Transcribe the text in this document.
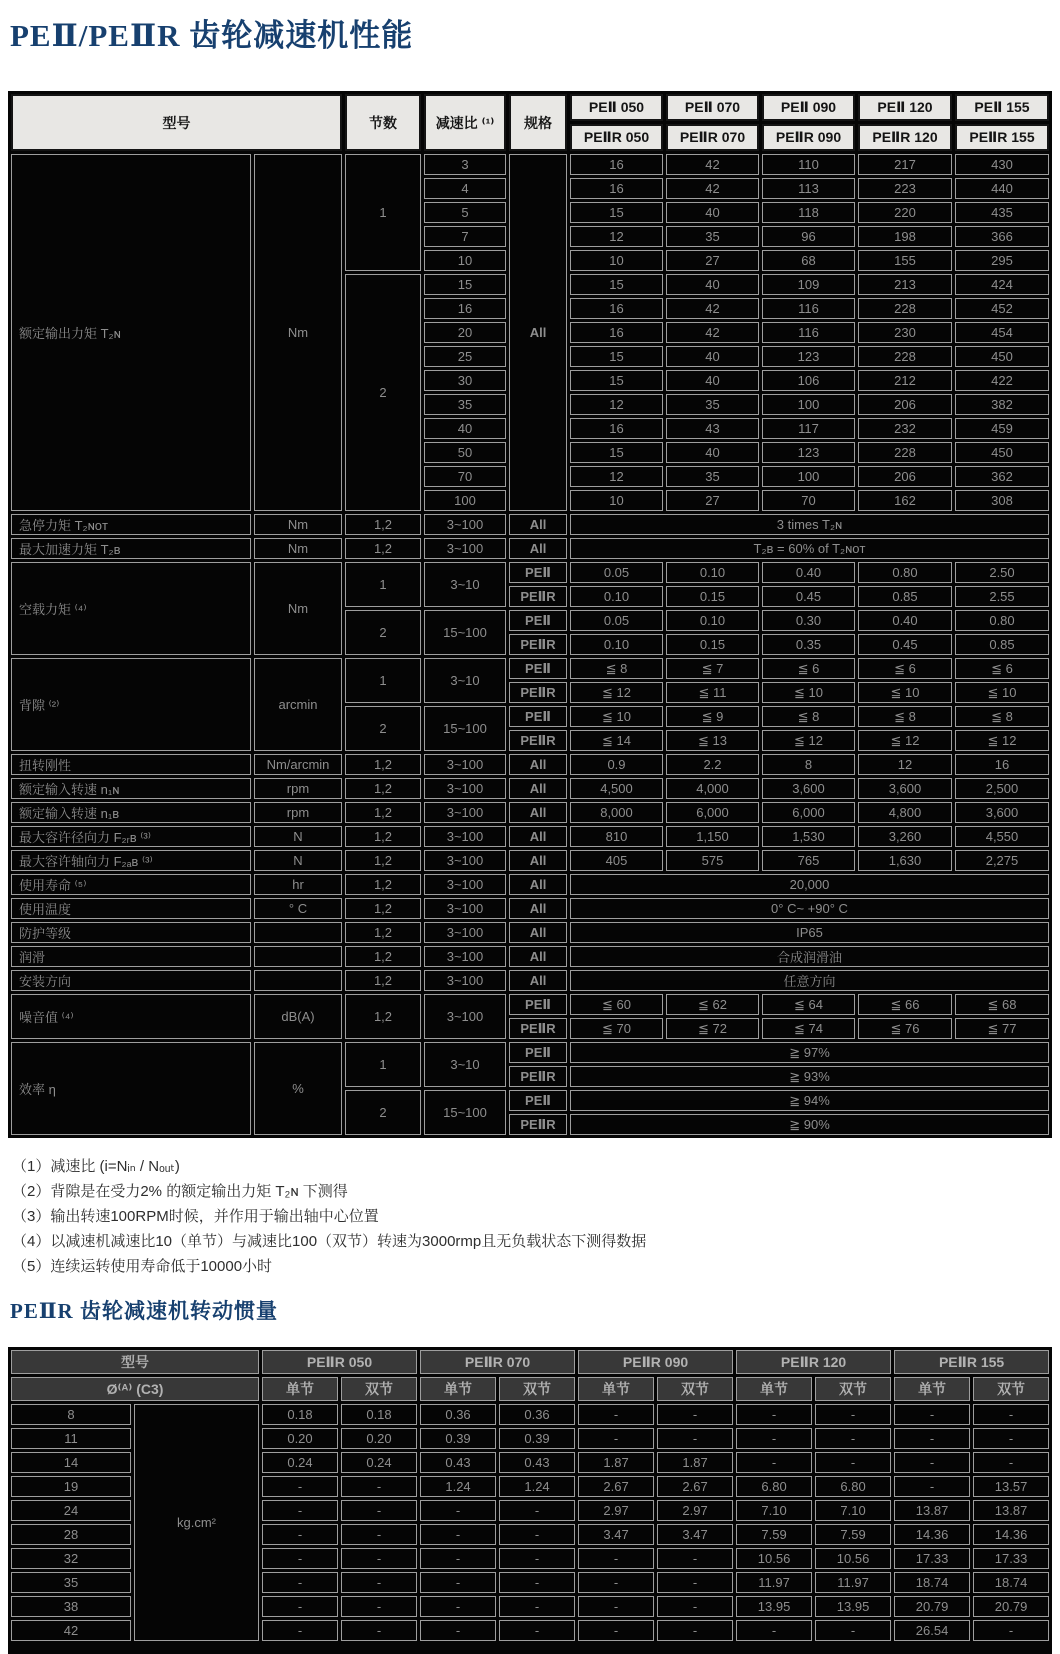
PEⅡ/PEⅡR 齿轮减速机性能
型号		节数	减速比 ⁽¹⁾	规格	PEⅡ 050	PEⅡ 070	PEⅡ 090	PEⅡ 120	PEⅡ 155
					PEⅡR 050	PEⅡR 070	PEⅡR 090	PEⅡR 120	PEⅡR 155
额定输出力矩 T₂ɴ	Nm	1	3	All	16	42	110	217	430
			4		16	42	113	223	440
			5		15	40	118	220	435
			7		12	35	96	198	366
			10		10	27	68	155	295
		2	15		15	40	109	213	424
			16		16	42	116	228	452
			20		16	42	116	230	454
			25		15	40	123	228	450
			30		15	40	106	212	422
			35		12	35	100	206	382
			40		16	43	117	232	459
			50		15	40	123	228	450
			70		12	35	100	206	362
			100		10	27	70	162	308
急停力矩 T₂ɴᴏᴛ	Nm	1,2	3~100	All	3 times T₂ɴ				
最大加速力矩 T₂ʙ	Nm	1,2	3~100	All	T₂ʙ = 60% of T₂ɴᴏᴛ				
空载力矩 ⁽⁴⁾	Nm	1	3~10	PEⅡ	0.05	0.10	0.40	0.80	2.50
				PEⅡR	0.10	0.15	0.45	0.85	2.55
		2	15~100	PEⅡ	0.05	0.10	0.30	0.40	0.80
				PEⅡR	0.10	0.15	0.35	0.45	0.85
背隙 ⁽²⁾	arcmin	1	3~10	PEⅡ	≦ 8	≦ 7	≦ 6	≦ 6	≦ 6
				PEⅡR	≦ 12	≦ 11	≦ 10	≦ 10	≦ 10
		2	15~100	PEⅡ	≦ 10	≦ 9	≦ 8	≦ 8	≦ 8
				PEⅡR	≦ 14	≦ 13	≦ 12	≦ 12	≦ 12
扭转刚性	Nm/arcmin	1,2	3~100	All	0.9	2.2	8	12	16
额定输入转速 n₁ɴ	rpm	1,2	3~100	All	4,500	4,000	3,600	3,600	2,500
额定输入转速 n₁ʙ	rpm	1,2	3~100	All	8,000	6,000	6,000	4,800	3,600
最大容许径向力 F₂ᵣʙ ⁽³⁾	N	1,2	3~100	All	810	1,150	1,530	3,260	4,550
最大容许轴向力 F₂ₐʙ ⁽³⁾	N	1,2	3~100	All	405	575	765	1,630	2,275
使用寿命 ⁽⁵⁾	hr	1,2	3~100	All	20,000				
使用温度	° C	1,2	3~100	All	0° C~ +90° C				
防护等级		1,2	3~100	All	IP65				
润滑		1,2	3~100	All	合成润滑油				
安装方向		1,2	3~100	All	任意方向				
噪音值 ⁽⁴⁾	dB(A)	1,2	3~100	PEⅡ	≦ 60	≦ 62	≦ 64	≦ 66	≦ 68
				PEⅡR	≦ 70	≦ 72	≦ 74	≦ 76	≦ 77
效率 η	%	1	3~10	PEⅡ	≧ 97%				
				PEⅡR	≧ 93%				
		2	15~100	PEⅡ	≧ 94%				
				PEⅡR	≧ 90%				
（1）减速比 (i=Nᵢₙ / Nₒᵤₜ)
（2）背隙是在受力2% 的额定输出力矩 T₂ɴ 下测得
（3）输出转速100RPM时候，并作用于输出轴中心位置
（4）以减速机减速比10（单节）与减速比100（双节）转速为3000rmp且无负载状态下测得数据
（5）连续运转使用寿命低于10000小时
PEⅡR 齿轮减速机转动惯量
型号		PEⅡR 050		PEⅡR 070		PEⅡR 090		PEⅡR 120		PEⅡR 155	
Ø⁽ᴬ⁾ (C3)		单节	双节	单节	双节	单节	双节	单节	双节	单节	双节
8	kg.cm²	0.18	0.18	0.36	0.36	-	-	-	-	-	-
11		0.20	0.20	0.39	0.39	-	-	-	-	-	-
14		0.24	0.24	0.43	0.43	1.87	1.87	-	-	-	-
19		-	-	1.24	1.24	2.67	2.67	6.80	6.80	-	13.57
24		-	-	-	-	2.97	2.97	7.10	7.10	13.87	13.87
28		-	-	-	-	3.47	3.47	7.59	7.59	14.36	14.36
32		-	-	-	-	-	-	10.56	10.56	17.33	17.33
35		-	-	-	-	-	-	11.97	11.97	18.74	18.74
38		-	-	-	-	-	-	13.95	13.95	20.79	20.79
42		-	-	-	-	-	-	-	-	26.54	-
